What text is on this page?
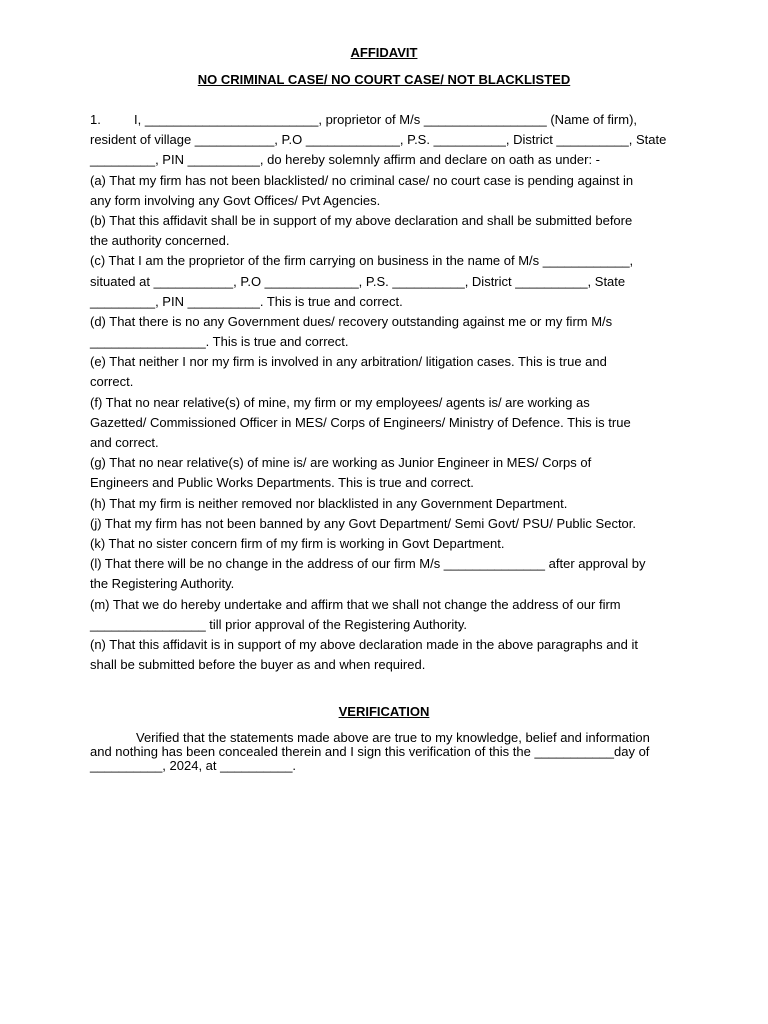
AFFIDAVIT
NO CRIMINAL CASE/ NO COURT CASE/ NOT BLACKLISTED
1.	I, ________________________, proprietor of M/s _________________ (Name of firm),
resident of village ___________, P.O _____________, P.S. __________, District __________, State
_________, PIN __________, do hereby solemnly affirm and declare on oath as under: -
(a) That my firm has not been blacklisted/ no criminal case/ no court case is pending against in
any form involving any Govt Offices/ Pvt Agencies.
(b) That this affidavit shall be in support of my above declaration and shall be submitted before
the authority concerned.
(c) That I am the proprietor of the firm carrying on business in the name of M/s ____________,
situated at ___________, P.O _____________, P.S. __________, District __________, State
_________, PIN __________. This is true and correct.
(d) That there is no any Government dues/ recovery outstanding against me or my firm M/s
________________. This is true and correct.
(e) That neither I nor my firm is involved in any arbitration/ litigation cases. This is true and
correct.
(f) That no near relative(s) of mine, my firm or my employees/ agents is/ are working as
Gazetted/ Commissioned Officer in MES/ Corps of Engineers/ Ministry of Defence. This is true
and correct.
(g) That no near relative(s) of mine is/ are working as Junior Engineer in MES/ Corps of
Engineers and Public Works Departments. This is true and correct.
(h) That my firm is neither removed nor blacklisted in any Government Department.
(j) That my firm has not been banned by any Govt Department/ Semi Govt/ PSU/ Public Sector.
(k) That no sister concern firm of my firm is working in Govt Department.
(l) That there will be no change in the address of our firm M/s ______________ after approval by
the Registering Authority.
(m) That we do hereby undertake and affirm that we shall not change the address of our firm
________________ till prior approval of the Registering Authority.
(n) That this affidavit is in support of my above declaration made in the above paragraphs and it
shall be submitted before the buyer as and when required.
VERIFICATION
Verified that the statements made above are true to my knowledge, belief and information
and nothing has been concealed therein and I sign this verification of this the ___________day of
__________, 2024, at __________.
